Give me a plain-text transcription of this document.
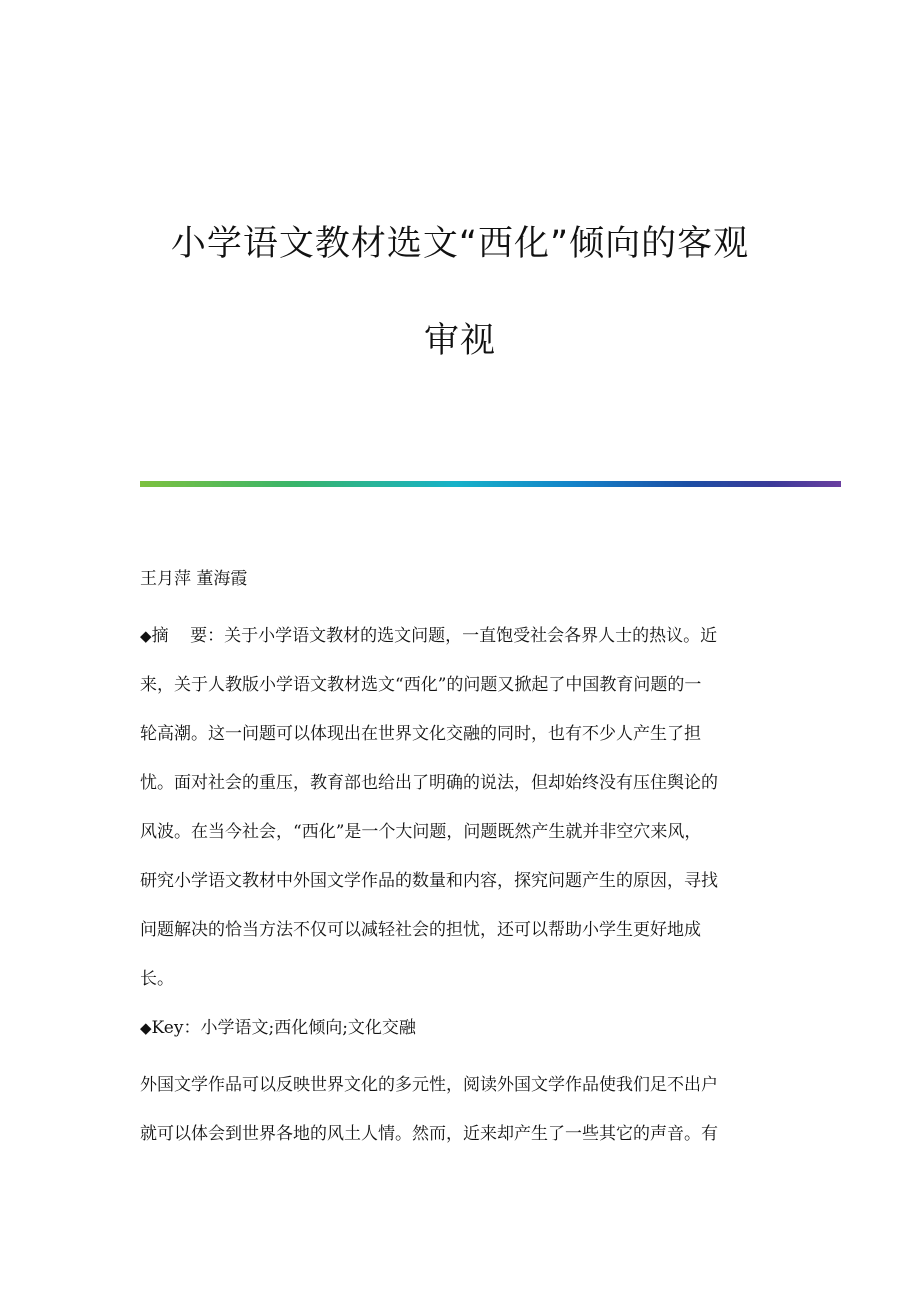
小学语文教材选文“西化”倾向的客观
审视
王月萍 董海霞
◆摘    要：关于小学语文教材的选文问题，一直饱受社会各界人士的热议。近
来，关于人教版小学语文教材选文“西化”的问题又掀起了中国教育问题的一
轮高潮。这一问题可以体现出在世界文化交融的同时，也有不少人产生了担
忧。面对社会的重压，教育部也给出了明确的说法，但却始终没有压住舆论的
风波。在当今社会，“西化”是一个大问题，问题既然产生就并非空穴来风，
研究小学语文教材中外国文学作品的数量和内容，探究问题产生的原因，寻找
问题解决的恰当方法不仅可以减轻社会的担忧，还可以帮助小学生更好地成
长。
◆Key：小学语文;西化倾向;文化交融
外国文学作品可以反映世界文化的多元性，阅读外国文学作品使我们足不出户
就可以体会到世界各地的风土人情。然而，近来却产生了一些其它的声音。有
